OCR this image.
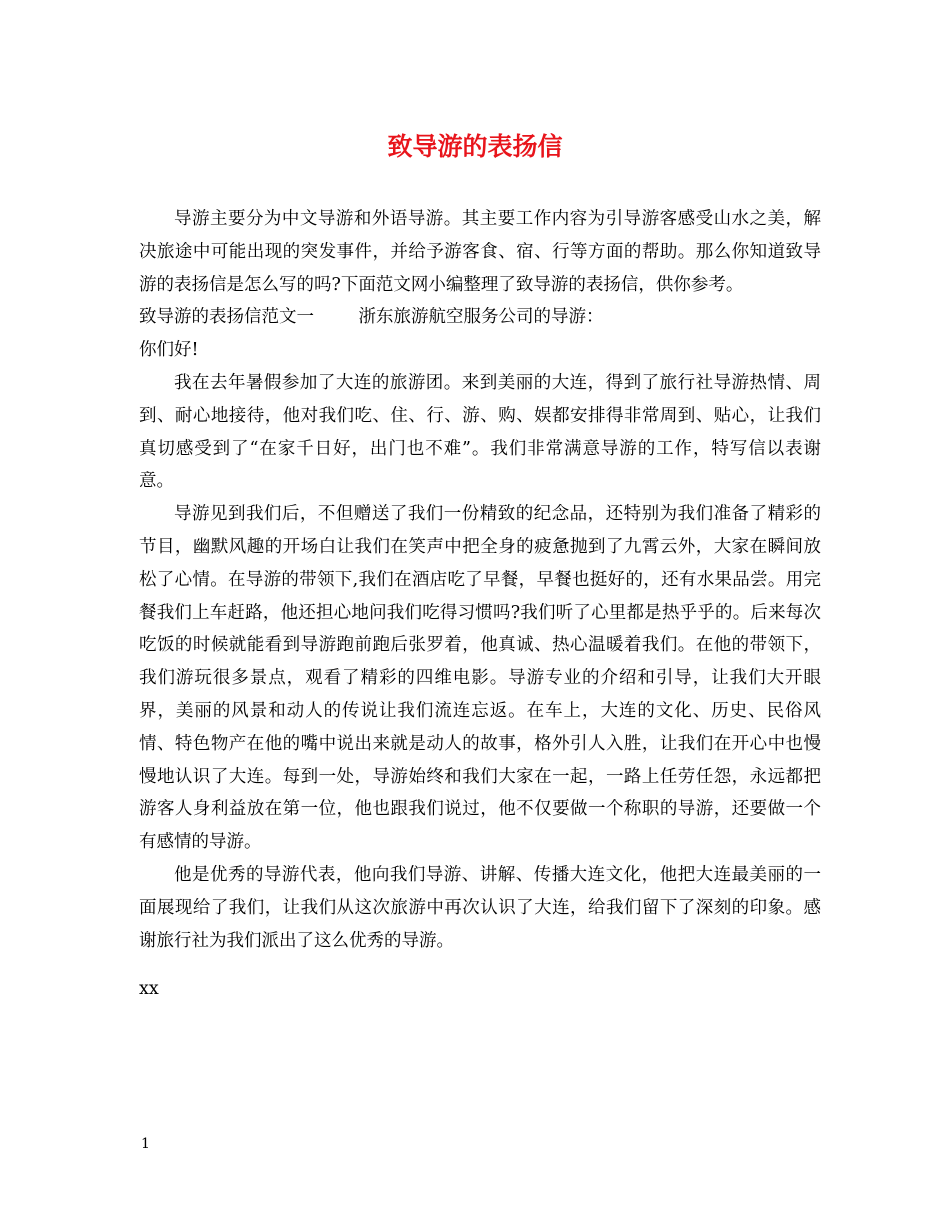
致导游的表扬信

导游主要分为中文导游和外语导游。其主要工作内容为引导游客感受山水之美，解决旅途中可能出现的突发事件，并给予游客食、宿、行等方面的帮助。那么你知道致导游的表扬信是怎么写的吗?下面范文网小编整理了致导游的表扬信，供你参考。

致导游的表扬信范文一	浙东旅游航空服务公司的导游：

你们好!

我在去年暑假参加了大连的旅游团。来到美丽的大连，得到了旅行社导游热情、周到、耐心地接待，他对我们吃、住、行、游、购、娱都安排得非常周到、贴心，让我们真切感受到了“在家千日好，出门也不难”。我们非常满意导游的工作，特写信以表谢意。

导游见到我们后，不但赠送了我们一份精致的纪念品，还特别为我们准备了精彩的节目，幽默风趣的开场白让我们在笑声中把全身的疲惫抛到了九霄云外，大家在瞬间放松了心情。在导游的带领下,我们在酒店吃了早餐，早餐也挺好的，还有水果品尝。用完餐我们上车赶路，他还担心地问我们吃得习惯吗?我们听了心里都是热乎乎的。后来每次吃饭的时候就能看到导游跑前跑后张罗着，他真诚、热心温暖着我们。在他的带领下，我们游玩很多景点，观看了精彩的四维电影。导游专业的介绍和引导，让我们大开眼界，美丽的风景和动人的传说让我们流连忘返。在车上，大连的文化、历史、民俗风情、特色物产在他的嘴中说出来就是动人的故事，格外引人入胜，让我们在开心中也慢慢地认识了大连。每到一处，导游始终和我们大家在一起，一路上任劳任怨，永远都把游客人身利益放在第一位，他也跟我们说过，他不仅要做一个称职的导游，还要做一个有感情的导游。

他是优秀的导游代表，他向我们导游、讲解、传播大连文化，他把大连最美丽的一面展现给了我们，让我们从这次旅游中再次认识了大连，给我们留下了深刻的印象。感谢旅行社为我们派出了这么优秀的导游。

xx

1
